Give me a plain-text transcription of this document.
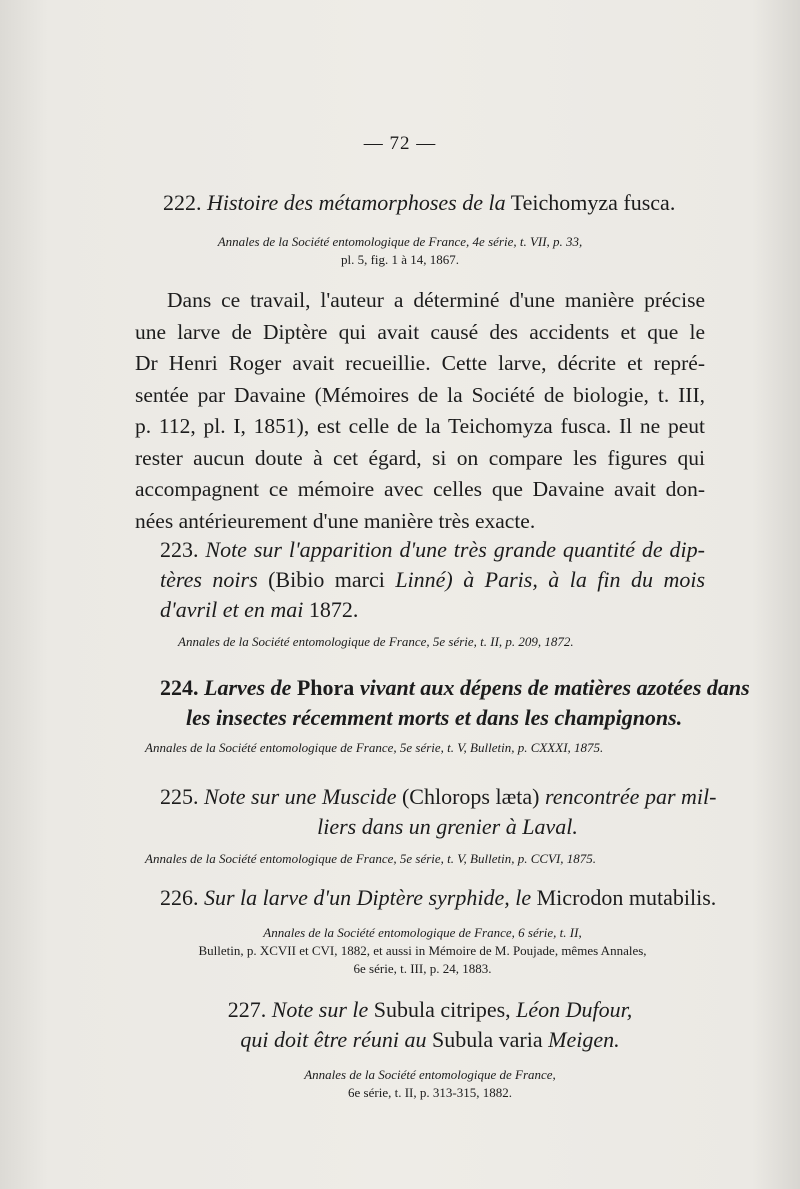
— 72 —
222. Histoire des métamorphoses de la Teichomyza fusca.
Annales de la Société entomologique de France, 4e série, t. VII, p. 33,
pl. 5, fig. 1 à 14, 1867.
Dans ce travail, l'auteur a déterminé d'une manière précise
une larve de Diptère qui avait causé des accidents et que le
Dr Henri Roger avait recueillie. Cette larve, décrite et repré-
sentée par Davaine (Mémoires de la Société de biologie, t. III,
p. 112, pl. I, 1851), est celle de la Teichomyza fusca. Il ne peut
rester aucun doute à cet égard, si on compare les figures qui
accompagnent ce mémoire avec celles que Davaine avait don-
nées antérieurement d'une manière très exacte.
223. Note sur l'apparition d'une très grande quantité de dip-
tères noirs (Bibio marci Linné) à Paris, à la fin du mois
d'avril et en mai 1872.
Annales de la Société entomologique de France, 5e série, t. II, p. 209, 1872.
224. Larves de Phora vivant aux dépens de matières azotées dans
les insectes récemment morts et dans les champignons.
Annales de la Société entomologique de France, 5e série, t. V, Bulletin, p. CXXXI, 1875.
225. Note sur une Muscide (Chlorops læta) rencontrée par mil-
liers dans un grenier à Laval.
Annales de la Société entomologique de France, 5e série, t. V, Bulletin, p. CCVI, 1875.
226. Sur la larve d'un Diptère syrphide, le Microdon mutabilis.
Annales de la Société entomologique de France, 6 série, t. II,
Bulletin, p. XCVII et CVI, 1882, et aussi in Mémoire de M. Poujade, mêmes Annales,
6e série, t. III, p. 24, 1883.
227. Note sur le Subula citripes, Léon Dufour,
qui doit être réuni au Subula varia Meigen.
Annales de la Société entomologique de France,
6e série, t. II, p. 313-315, 1882.
